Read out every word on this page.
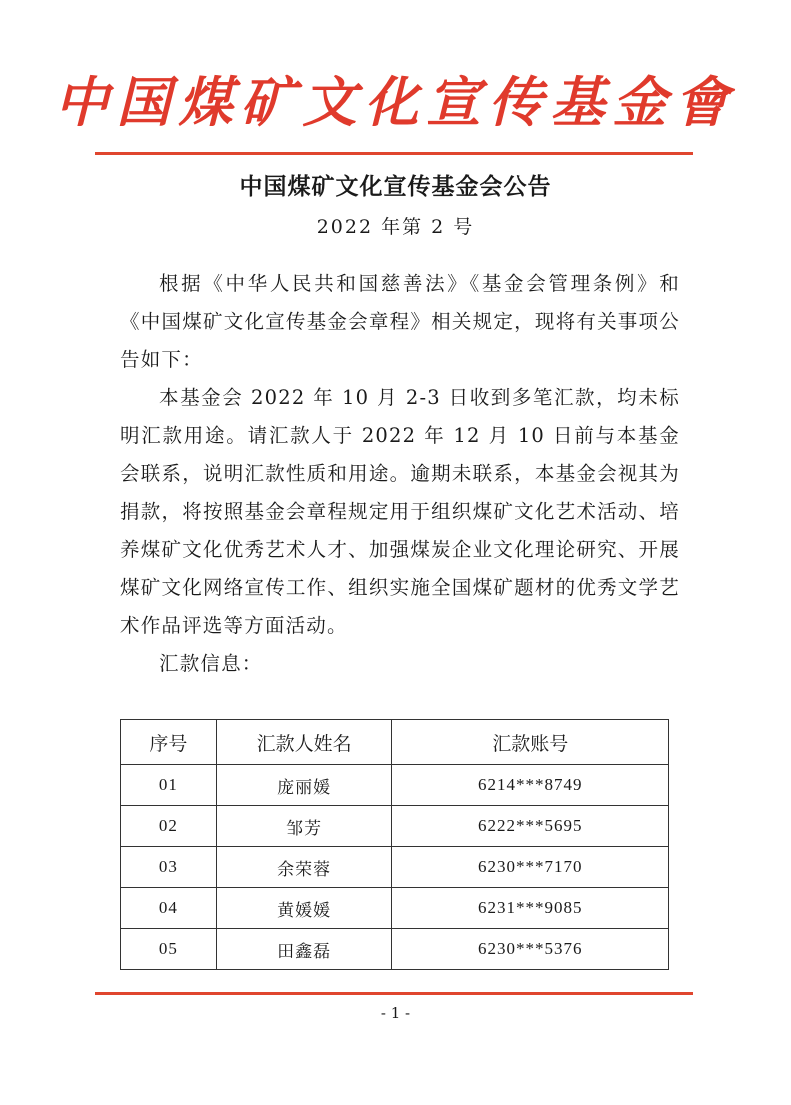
中国煤矿文化宣传基金會
中国煤矿文化宣传基金会公告
2022 年第 2 号

根据《中华人民共和国慈善法》《基金会管理条例》和《中国煤矿文化宣传基金会章程》相关规定，现将有关事项公告如下：

本基金会 2022 年 10 月 2-3 日收到多笔汇款，均未标明汇款用途。请汇款人于 2022 年 12 月 10 日前与本基金会联系，说明汇款性质和用途。逾期未联系，本基金会视其为捐款，将按照基金会章程规定用于组织煤矿文化艺术活动、培养煤矿文化优秀艺术人才、加强煤炭企业文化理论研究、开展煤矿文化网络宣传工作、组织实施全国煤矿题材的优秀文学艺术作品评选等方面活动。

汇款信息：

序号	汇款人姓名	汇款账号
01	庞丽媛	6214***8749
02	邹芳	6222***5695
03	余荣蓉	6230***7170
04	黄媛媛	6231***9085
05	田鑫磊	6230***5376
- 1 -
